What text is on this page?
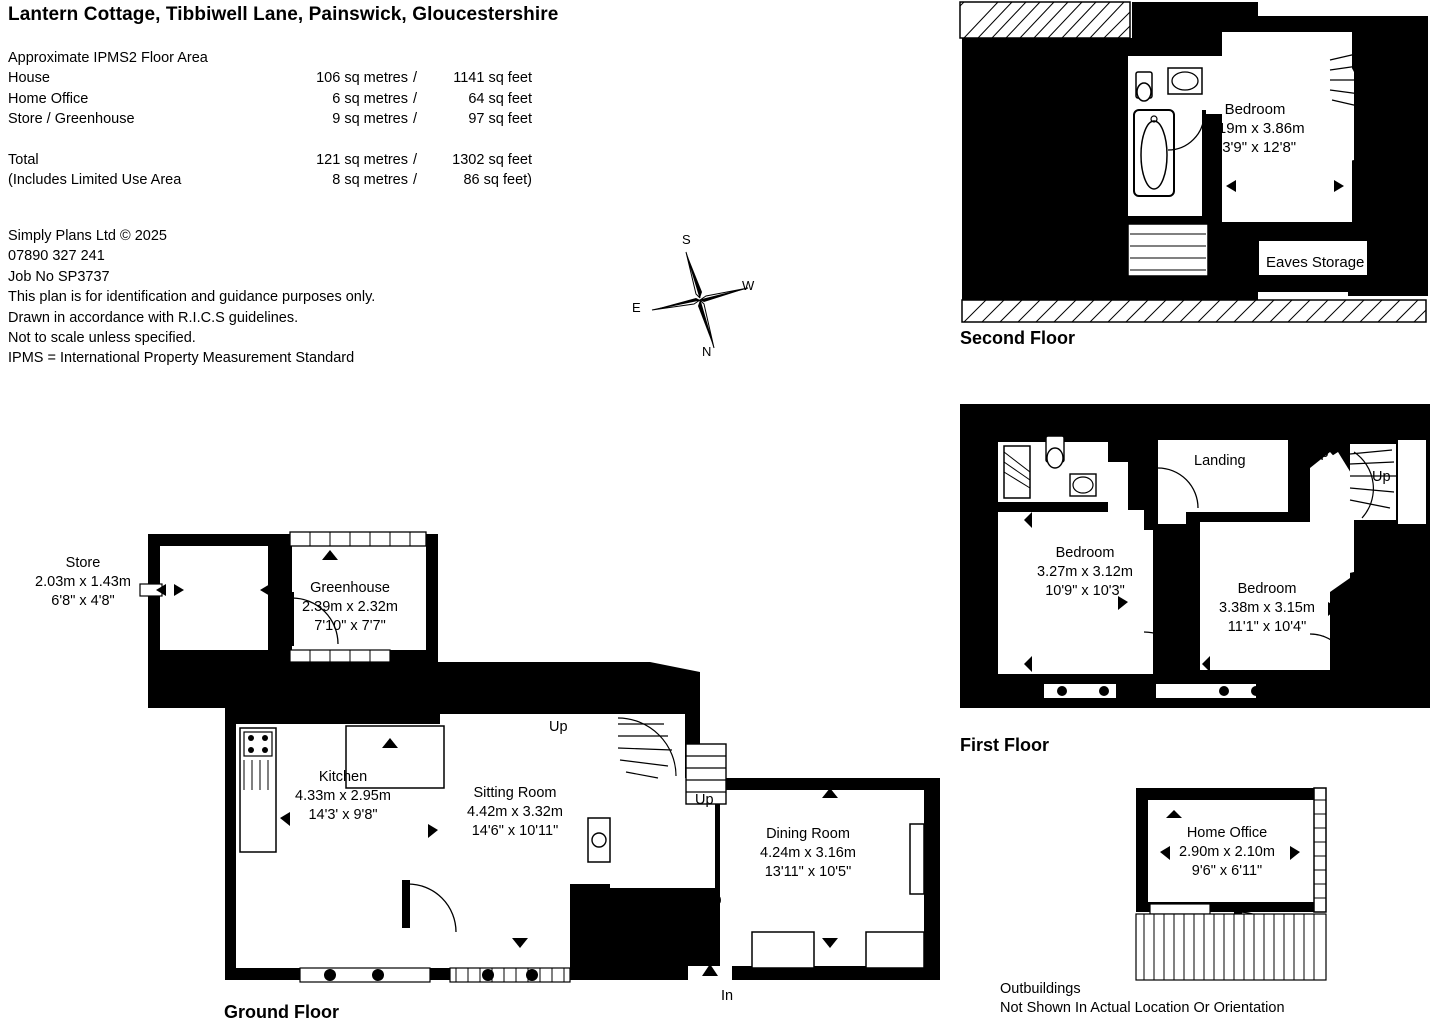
Lantern Cottage, Tibbiwell Lane, Painswick, Gloucestershire
Approximate IPMS2 Floor Area
House	106 sq metres /	1141 sq feet
Home Office	6 sq metres /	64 sq feet
Store / Greenhouse	9 sq metres /	97 sq feet
Total	121 sq metres /	1302 sq feet
(Includes Limited Use Area	8 sq metres /	86 sq feet)
Simply Plans Ltd © 2025
07890 327 241
Job No SP3737
This plan is for identification and guidance purposes only.
Drawn in accordance with R.I.C.S guidelines.
Not to scale unless specified.
IPMS = International Property Measurement Standard
S
W
N
E
Bedroom
4.19m x 3.86m
13'9" x 12'8"
Eaves Storage
Up
Second Floor
Bedroom
3.27m x 3.12m
10'9" x 10'3"	Bedroom
3.38m x 3.15m
11'1" x 10'4"
Landing	Up
Up
First Floor
Home Office
2.90m x 2.10m
9'6" x 6'11"
Outbuildings
Not Shown In Actual Location Or Orientation
Store
2.03m x 1.43m
6'8" x 4'8"
Greenhouse
2.39m x 2.32m
7'10" x 7'7"
Kitchen
4.33m x 2.95m
14'3' x 9'8"
Sitting Room
4.42m x 3.32m
14'6" x 10'11"	Dining Room
4.24m x 3.16m
13'11" x 10'5"
Up
Up
Up
In
Ground Floor
